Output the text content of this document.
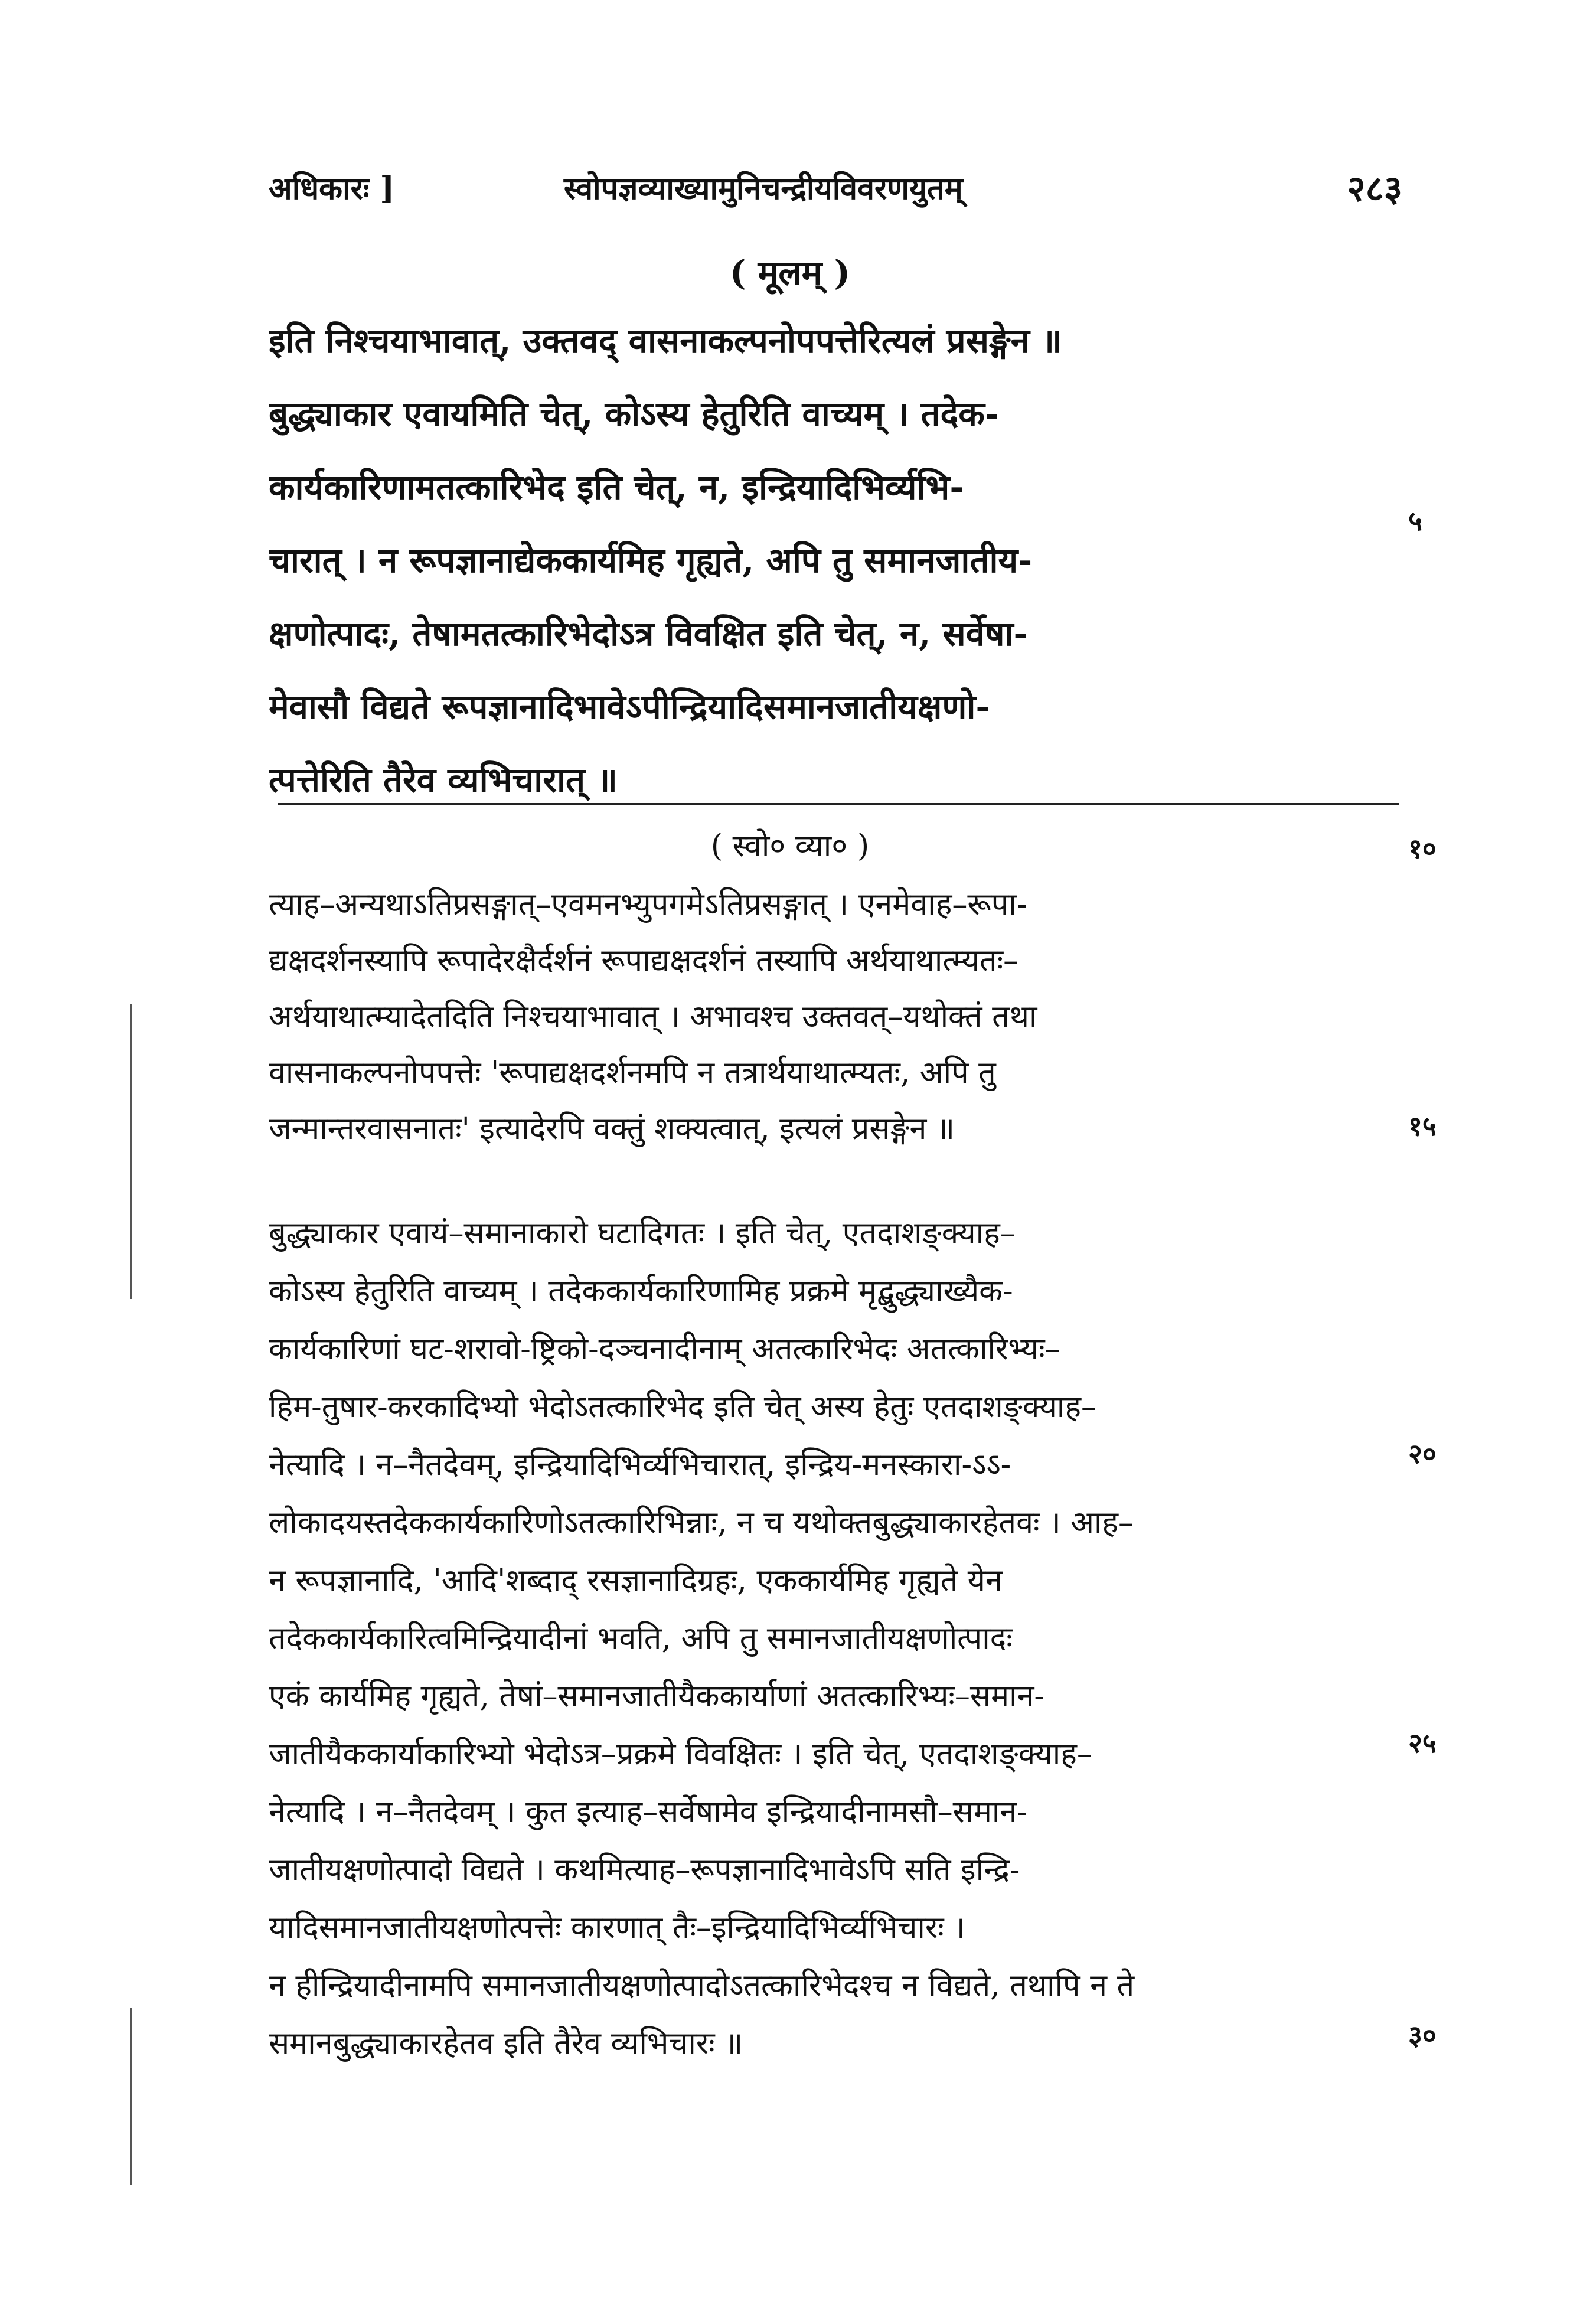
अधिकारः ]	स्वोपज्ञव्याख्यामुनिचन्द्रीयविवरणयुतम्	२८३
( मूलम् )
इति निश्चयाभावात्, उक्तवद् वासनाकल्पनोपपत्तेरित्यलं प्रसङ्गेन ॥
बुद्ध्याकार एवायमिति चेत्, कोऽस्य हेतुरिति वाच्यम् । तदेक-
कार्यकारिणामतत्कारिभेद इति चेत्, न, इन्द्रियादिभिर्व्यभि-
चारात् । न रूपज्ञानाद्येककार्यमिह गृह्यते, अपि तु समानजातीय-
क्षणोत्पादः, तेषामतत्कारिभेदोऽत्र विवक्षित इति चेत्, न, सर्वेषा-
मेवासौ विद्यते रूपज्ञानादिभावेऽपीन्द्रियादिसमानजातीयक्षणो-
त्पत्तेरिति तैरेव व्यभिचारात् ॥
( स्वो० व्या० )
त्याह–अन्यथाऽतिप्रसङ्गात्–एवमनभ्युपगमेऽतिप्रसङ्गात् । एनमेवाह–रूपा-
द्यक्षदर्शनस्यापि रूपादेरक्षैर्दर्शनं रूपाद्यक्षदर्शनं तस्यापि अर्थयाथात्म्यतः–
अर्थयाथात्म्यादेतदिति निश्चयाभावात् । अभावश्च उक्तवत्–यथोक्तं तथा
वासनाकल्पनोपपत्तेः 'रूपाद्यक्षदर्शनमपि न तत्रार्थयाथात्म्यतः, अपि तु
जन्मान्तरवासनातः' इत्यादेरपि वक्तुं शक्यत्वात्, इत्यलं प्रसङ्गेन ॥
बुद्ध्याकार एवायं–समानाकारो घटादिगतः । इति चेत्, एतदाशङ्क्याह–
कोऽस्य हेतुरिति वाच्यम् । तदेककार्यकारिणामिह प्रक्रमे मृद्बुद्ध्याख्यैक-
कार्यकारिणां घट-शरावो-ष्ट्रिको-दञ्चनादीनाम् अतत्कारिभेदः अतत्कारिभ्यः–
हिम-तुषार-करकादिभ्यो भेदोऽतत्कारिभेद इति चेत् अस्य हेतुः एतदाशङ्क्याह–
नेत्यादि । न–नैतदेवम्, इन्द्रियादिभिर्व्यभिचारात्, इन्द्रिय-मनस्कारा-ऽऽ-
लोकादयस्तदेककार्यकारिणोऽतत्कारिभिन्नाः, न च यथोक्तबुद्ध्याकारहेतवः । आह–
न रूपज्ञानादि, 'आदि'शब्दाद् रसज्ञानादिग्रहः, एककार्यमिह गृह्यते येन
तदेककार्यकारित्वमिन्द्रियादीनां भवति, अपि तु समानजातीयक्षणोत्पादः
एकं कार्यमिह गृह्यते, तेषां–समानजातीयैककार्याणां अतत्कारिभ्यः–समान-
जातीयैककार्याकारिभ्यो भेदोऽत्र–प्रक्रमे विवक्षितः । इति चेत्, एतदाशङ्क्याह–
नेत्यादि । न–नैतदेवम् । कुत इत्याह–सर्वेषामेव इन्द्रियादीनामसौ–समान-
जातीयक्षणोत्पादो विद्यते । कथमित्याह–रूपज्ञानादिभावेऽपि सति इन्द्रि-
यादिसमानजातीयक्षणोत्पत्तेः कारणात् तैः–इन्द्रियादिभिर्व्यभिचारः ।
न हीन्द्रियादीनामपि समानजातीयक्षणोत्पादोऽतत्कारिभेदश्च न विद्यते, तथापि न ते
समानबुद्ध्याकारहेतव इति तैरेव व्यभिचारः ॥
५
१०
१५
२०
२५
३०
